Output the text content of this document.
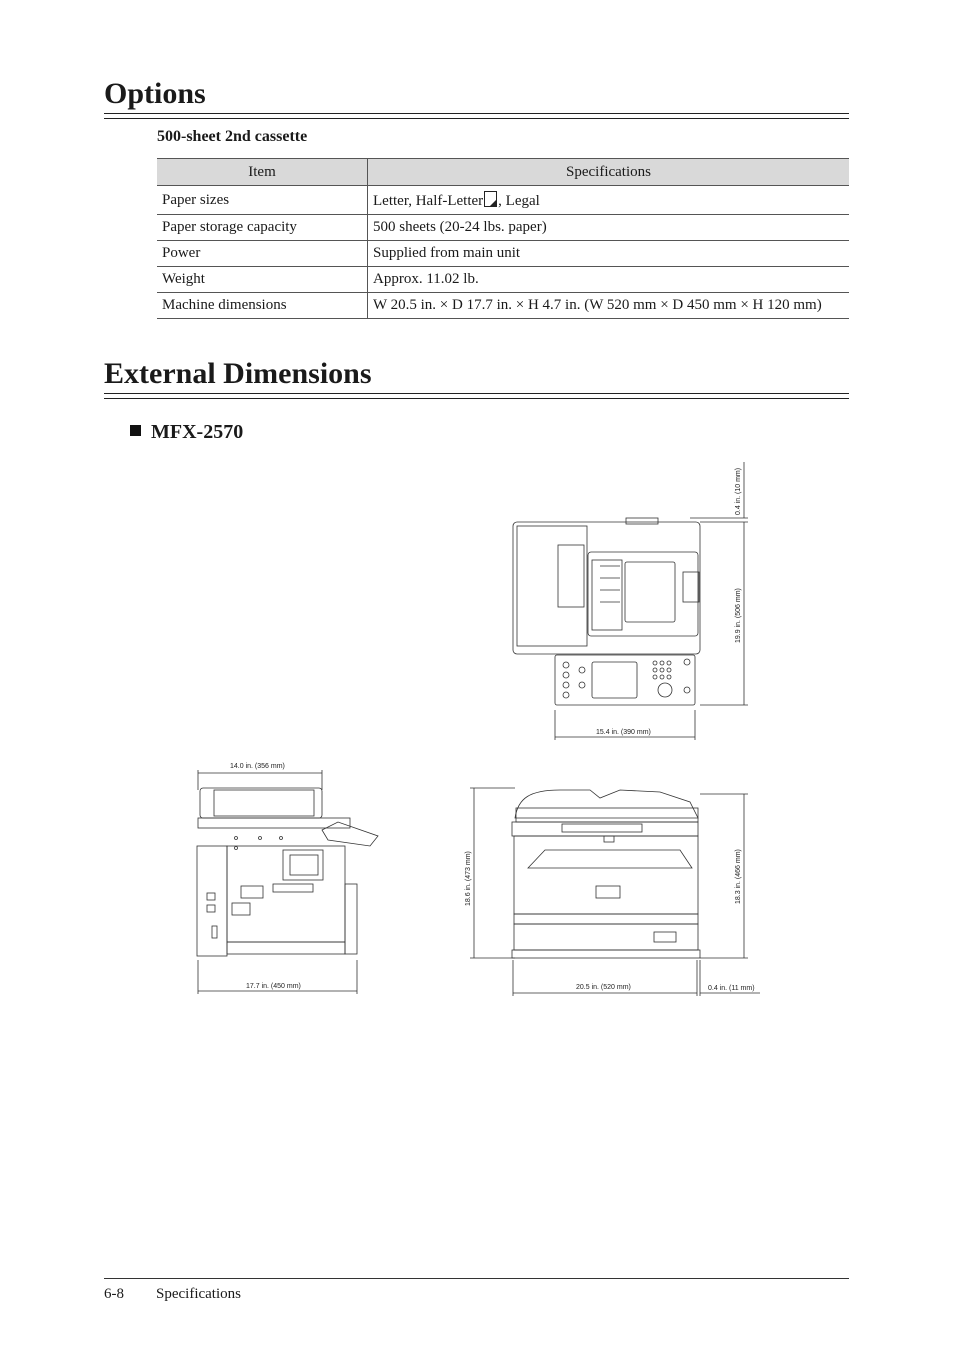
Options
500-sheet 2nd cassette
Item	Specifications
Paper sizes	Letter, Half-Letter , Legal
Paper storage capacity	500 sheets (20-24 lbs. paper)
Power	Supplied from main unit
Weight	Approx. 11.02 lb.
Machine dimensions	W 20.5 in. × D 17.7 in. × H 4.7 in. (W 520 mm × D 450 mm × H 120 mm)
External Dimensions
MFX-2570
15.4 in. (390 mm)
19.9 in. (506 mm)
0.4 in. (10 mm)
14.0 in. (356 mm)
17.7 in. (450 mm)
18.6 in. (473 mm)	18.3 in. (466 mm)
20.5 in. (520 mm)	0.4 in. (11 mm)
6-8 Specifications
